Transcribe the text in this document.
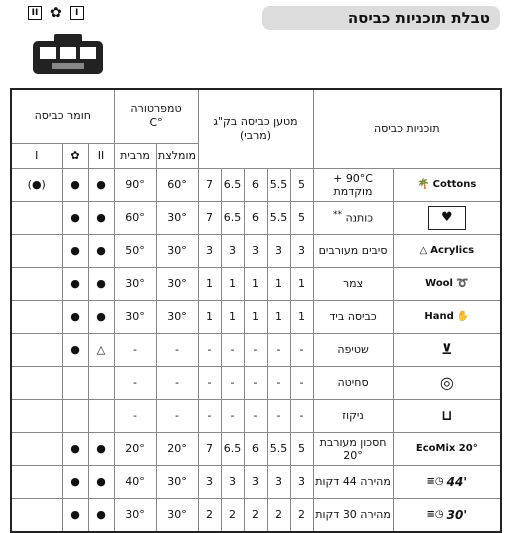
טבלת תוכניות כביסה
II ✿	I
תוכניות כביסה		מטען כביסה בק"ג (מרבי)					טמפרטורה
°C		חומר כביסה		
							מומלצת	מרבית	II	✿	I

🌴 Cottons	90°C + מוקדמת	5	5.5	6	6.5	7	60°	90°	●	●	(●)
♥	כותנה **	5	5.5	6	6.5	7	30°	60°	●	●	

△ Acrylics	סיבים מעורבים	3	3	3	3	3	30°	50°	●	●	

Wool ➰	צמר	1	1	1	1	1	30°	30°	●	●	

Hand ✋	כביסה ביד	1	1	1	1	1	30°	30°	●	●	

⊻	שטיפה	-	-	-	-	-	-	-	△	●	

◎	סחיטה	-	-	-	-	-	-	-			

⊔	ניקוז	-	-	-	-	-	-	-			

EcoMix 20°	חסכון מעורבת 20°	5	5.5	6	6.5	7	20°	20°	●	●	

≡◷ 44'	מהירה 44 דקות	3	3	3	3	3	30°	40°	●	●	

≡◷ 30'	מהירה 30 דקות	2	2	2	2	2	30°	30°	●	●	
